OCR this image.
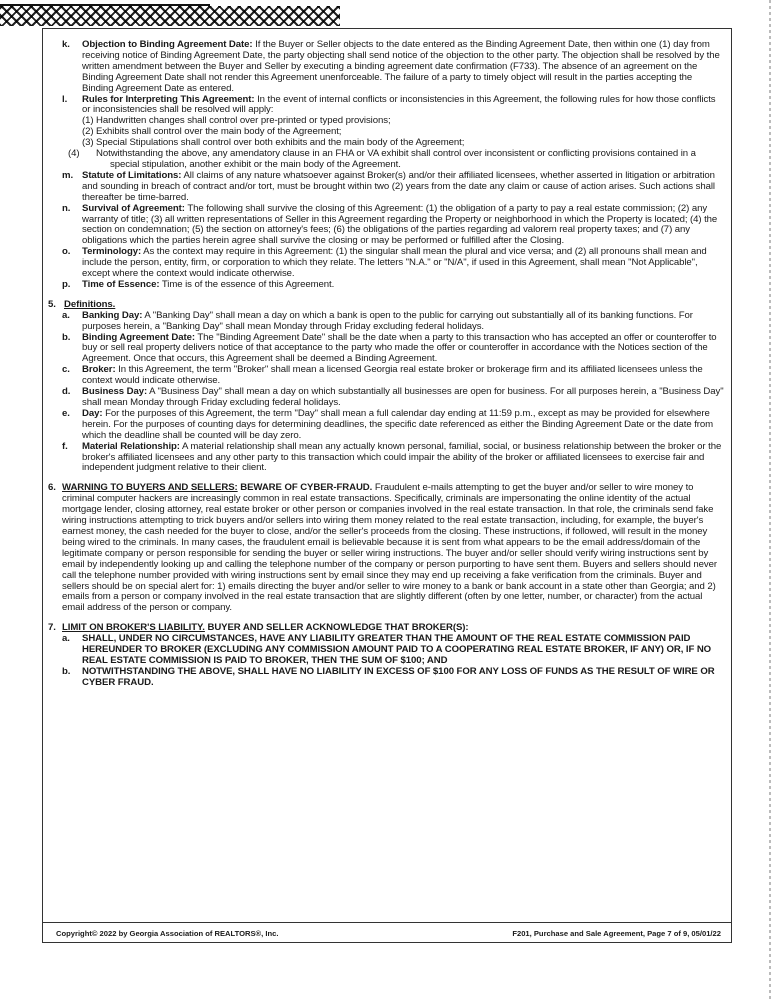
k. Objection to Binding Agreement Date: If the Buyer or Seller objects to the date entered as the Binding Agreement Date, then within one (1) day from receiving notice of Binding Agreement Date, the party objecting shall send notice of the objection to the other party. The objection shall be resolved by the written amendment between the Buyer and Seller by executing a binding agreement date confirmation (F733). The absence of an agreement on the Binding Agreement Date shall not render this Agreement unenforceable. The failure of a party to timely object will result in the parties accepting the Binding Agreement Date as entered.

l. Rules for Interpreting This Agreement: In the event of internal conflicts or inconsistencies in this Agreement, the following rules for how those conflicts or inconsistencies shall be resolved will apply:

(1) Handwritten changes shall control over pre-printed or typed provisions;

(2) Exhibits shall control over the main body of the Agreement;

(3) Special Stipulations shall control over both exhibits and the main body of the Agreement;

(4) Notwithstanding the above, any amendatory clause in an FHA or VA exhibit shall control over inconsistent or conflicting provisions contained in a special stipulation, another exhibit or the main body of the Agreement.

m. Statute of Limitations: All claims of any nature whatsoever against Broker(s) and/or their affiliated licensees, whether asserted in litigation or arbitration and sounding in breach of contract and/or tort, must be brought within two (2) years from the date any claim or cause of action arises. Such actions shall thereafter be time-barred.

n. Survival of Agreement: The following shall survive the closing of this Agreement: (1) the obligation of a party to pay a real estate commission; (2) any warranty of title; (3) all written representations of Seller in this Agreement regarding the Property or neighborhood in which the Property is located; (4) the section on condemnation; (5) the section on attorney's fees; (6) the obligations of the parties regarding ad valorem real property taxes; and (7) any obligations which the parties herein agree shall survive the closing or may be performed or fulfilled after the Closing.

o. Terminology: As the context may require in this Agreement: (1) the singular shall mean the plural and vice versa; and (2) all pronouns shall mean and include the person, entity, firm, or corporation to which they relate. The letters "N.A." or "N/A", if used in this Agreement, shall mean "Not Applicable", except where the context would indicate otherwise.

p. Time of Essence: Time is of the essence of this Agreement.

5. Definitions.

a. Banking Day: A "Banking Day" shall mean a day on which a bank is open to the public for carrying out substantially all of its banking functions. For purposes herein, a "Banking Day" shall mean Monday through Friday excluding federal holidays.

b. Binding Agreement Date: The "Binding Agreement Date" shall be the date when a party to this transaction who has accepted an offer or counteroffer to buy or sell real property delivers notice of that acceptance to the party who made the offer or counteroffer in accordance with the Notices section of the Agreement. Once that occurs, this Agreement shall be deemed a Binding Agreement.

c. Broker: In this Agreement, the term "Broker" shall mean a licensed Georgia real estate broker or brokerage firm and its affiliated licensees unless the context would indicate otherwise.

d. Business Day: A "Business Day" shall mean a day on which substantially all businesses are open for business. For all purposes herein, a "Business Day" shall mean Monday through Friday excluding federal holidays.

e. Day: For the purposes of this Agreement, the term "Day" shall mean a full calendar day ending at 11:59 p.m., except as may be provided for elsewhere herein. For the purposes of counting days for determining deadlines, the specific date referenced as either the Binding Agreement Date or the date from which the deadline shall be counted will be day zero.

f. Material Relationship: A material relationship shall mean any actually known personal, familial, social, or business relationship between the broker or the broker's affiliated licensees and any other party to this transaction which could impair the ability of the broker or affiliated licensees to exercise fair and independent judgment relative to their client.

6. WARNING TO BUYERS AND SELLERS: BEWARE OF CYBER-FRAUD. Fraudulent e-mails attempting to get the buyer and/or seller to wire money to criminal computer hackers are increasingly common in real estate transactions. Specifically, criminals are impersonating the online identity of the actual mortgage lender, closing attorney, real estate broker or other person or companies involved in the real estate transaction. In that role, the criminals send fake wiring instructions attempting to trick buyers and/or sellers into wiring them money related to the real estate transaction, including, for example, the buyer's earnest money, the cash needed for the buyer to close, and/or the seller's proceeds from the closing. These instructions, if followed, will result in the money being wired to the criminals. In many cases, the fraudulent email is believable because it is sent from what appears to be the email address/domain of the legitimate company or person responsible for sending the buyer or seller wiring instructions. The buyer and/or seller should verify wiring instructions sent by email by independently looking up and calling the telephone number of the company or person purporting to have sent them. Buyers and sellers should never call the telephone number provided with wiring instructions sent by email since they may end up receiving a fake verification from the criminals. Buyer and sellers should be on special alert for: 1) emails directing the buyer and/or seller to wire money to a bank or bank account in a state other than Georgia; and 2) emails from a person or company involved in the real estate transaction that are slightly different (often by one letter, number, or character) from the actual email address of the person or company.
7. LIMIT ON BROKER'S LIABILITY. BUYER AND SELLER ACKNOWLEDGE THAT BROKER(S):

a. SHALL, UNDER NO CIRCUMSTANCES, HAVE ANY LIABILITY GREATER THAN THE AMOUNT OF THE REAL ESTATE COMMISSION PAID HEREUNDER TO BROKER (EXCLUDING ANY COMMISSION AMOUNT PAID TO A COOPERATING REAL ESTATE BROKER, IF ANY) OR, IF NO REAL ESTATE COMMISSION IS PAID TO BROKER, THEN THE SUM OF $100; AND

b. NOTWITHSTANDING THE ABOVE, SHALL HAVE NO LIABILITY IN EXCESS OF $100 FOR ANY LOSS OF FUNDS AS THE RESULT OF WIRE OR CYBER FRAUD.

Copyright© 2022 by Georgia Association of REALTORS®, Inc.	F201, Purchase and Sale Agreement, Page 7 of 9, 05/01/22
